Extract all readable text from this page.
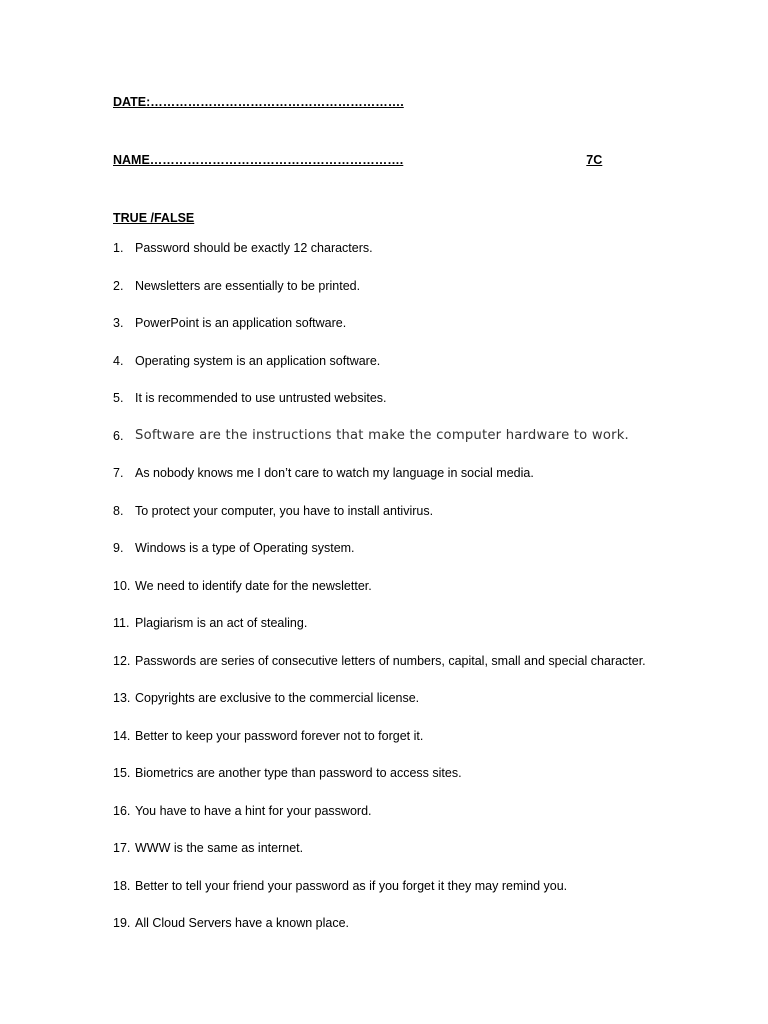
DATE:…………………………………………………….
NAME…………………………………………………….	7C
TRUE /FALSE
1. Password should be exactly 12 characters.
2. Newsletters are essentially to be printed.
3. PowerPoint is an application software.
4. Operating system is an application software.
5. It is recommended to use untrusted websites.
6. Software are the instructions that make the computer hardware to work.
7. As nobody knows me I don’t care to watch my language in social media.
8. To protect your computer, you have to install antivirus.
9. Windows is a type of Operating system.
10. We need to identify date for the newsletter.
11. Plagiarism is an act of stealing.
12. Passwords are series of consecutive letters of numbers, capital, small and special character.
13. Copyrights are exclusive to the commercial license.
14. Better to keep your password forever not to forget it.
15. Biometrics are another type than password to access sites.
16. You have to have a hint for your password.
17. WWW is the same as internet.
18. Better to tell your friend your password as if you forget it they may remind you.
19. All Cloud Servers have a known place.
